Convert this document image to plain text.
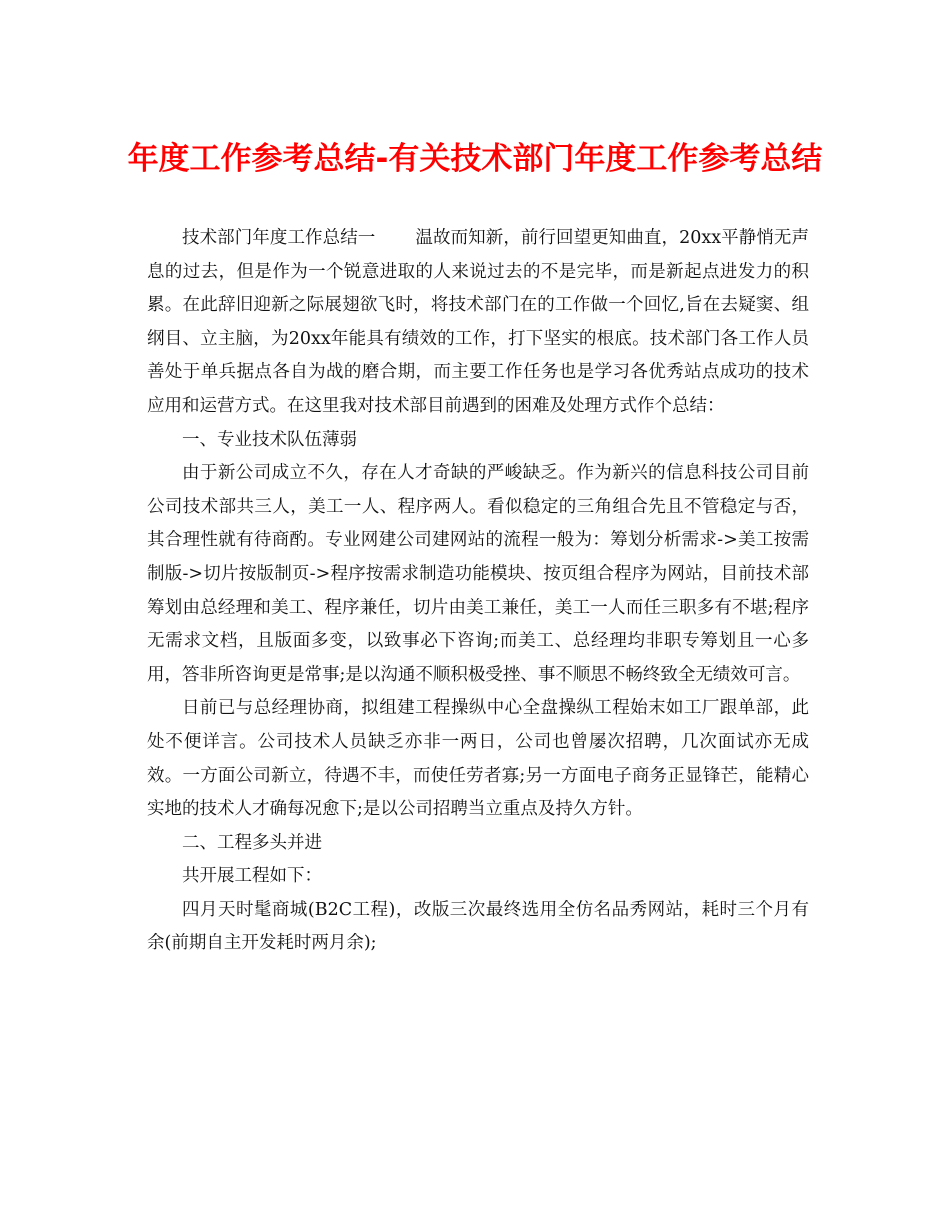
年度工作参考总结-有关技术部门年度工作参考总结

技术部门年度工作总结一 温故而知新，前行回望更知曲直，20xx平静悄无声息的过去，但是作为一个锐意进取的人来说过去的不是完毕，而是新起点进发力的积累。在此辞旧迎新之际展翅欲飞时，将技术部门在的工作做一个回忆,旨在去疑窦、组纲目、立主脑，为20xx年能具有绩效的工作，打下坚实的根底。技术部门各工作人员善处于单兵据点各自为战的磨合期，而主要工作任务也是学习各优秀站点成功的技术应用和运营方式。在这里我对技术部目前遇到的困难及处理方式作个总结：

一、专业技术队伍薄弱

由于新公司成立不久，存在人才奇缺的严峻缺乏。作为新兴的信息科技公司目前公司技术部共三人，美工一人、程序两人。看似稳定的三角组合先且不管稳定与否，其合理性就有待商酌。专业网建公司建网站的流程一般为：筹划分析需求->美工按需制版->切片按版制页->程序按需求制造功能模块、按页组合程序为网站，目前技术部筹划由总经理和美工、程序兼任，切片由美工兼任，美工一人而任三职多有不堪;程序无需求文档，且版面多变，以致事必下咨询;而美工、总经理均非职专筹划且一心多用，答非所咨询更是常事;是以沟通不顺积极受挫、事不顺思不畅终致全无绩效可言。

日前已与总经理协商，拟组建工程操纵中心全盘操纵工程始末如工厂跟单部，此处不便详言。公司技术人员缺乏亦非一两日，公司也曾屡次招聘，几次面试亦无成效。一方面公司新立，待遇不丰，而使任劳者寡;另一方面电子商务正显锋芒，能精心实地的技术人才确每况愈下;是以公司招聘当立重点及持久方针。

二、工程多头并进

共开展工程如下：

四月天时髦商城(B2C工程)，改版三次最终选用全仿名品秀网站，耗时三个月有余(前期自主开发耗时两月余);
